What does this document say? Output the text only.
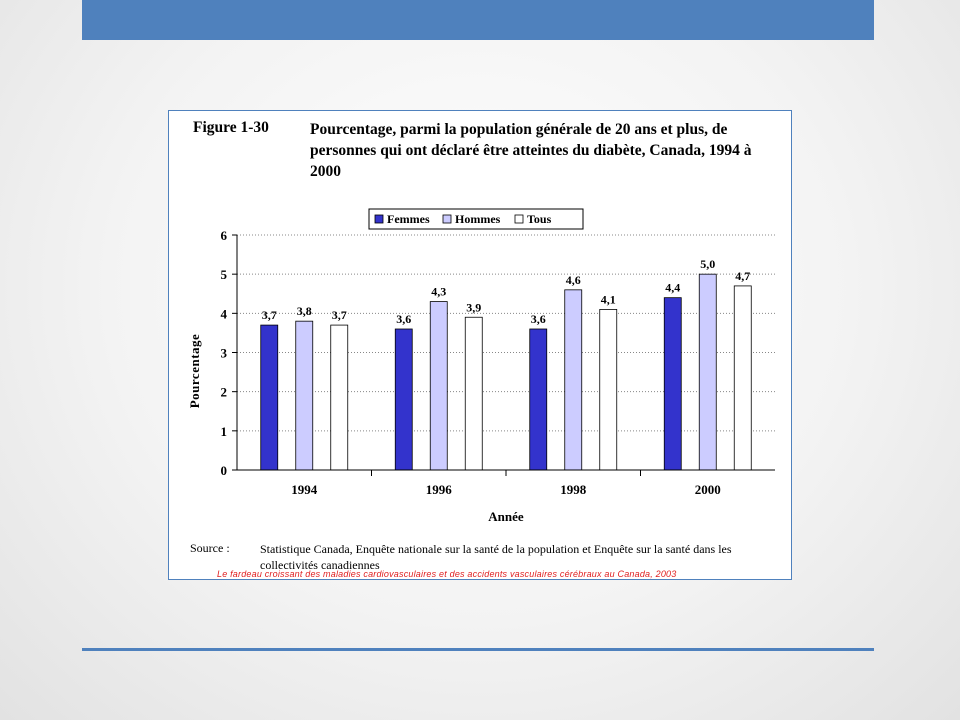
Figure 1-30	Pourcentage, parmi la population générale de 20 ans et plus, de personnes qui ont déclaré être atteintes du diabète, Canada, 1994 à 2000
3,7 3,8 3,7	3,6
4,3
3,9
3,6
4,6
4,1
4,4
5,0
4,7
0
1
2
3
4
5
6
1994	1996	1998	2000
Femmes Hommes Tous
Pourcentage
Année
Source :	Statistique Canada, Enquête nationale sur la santé de la population et Enquête sur la santé dans les collectivités canadiennes
Le fardeau croissant des maladies cardiovasculaires et des accidents vasculaires cérébraux au Canada, 2003
